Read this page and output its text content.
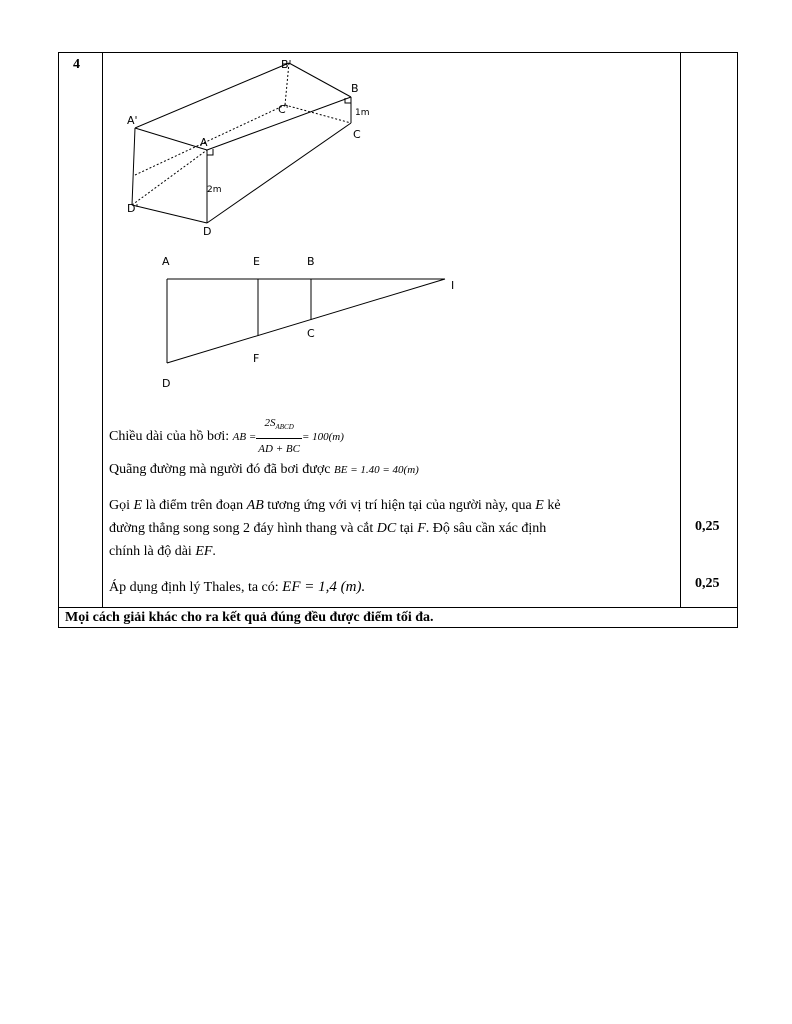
4	B'
B
C'
A'
A
C
D'
D
1m
2m
A	E	B
I
C
F
D
Chiều dài của hồ bơi: AB = $\frac{2S_{ABCD}}{AD + BC} = 100(m)$
Quãng đường mà người đó đã bơi được BE = 1.40 = 40(m)
Gọi E là điểm trên đoạn AB tương ứng với vị trí hiện tại của người này, qua E kẻ
đường thẳng song song 2 đáy hình thang và cắt DC tại F. Độ sâu cần xác định
chính là độ dài EF.
Áp dụng định lý Thales, ta có: EF = 1,4 (m).
0,25
0,25
Mọi cách giải khác cho ra kết quả đúng đều được điểm tối đa.
